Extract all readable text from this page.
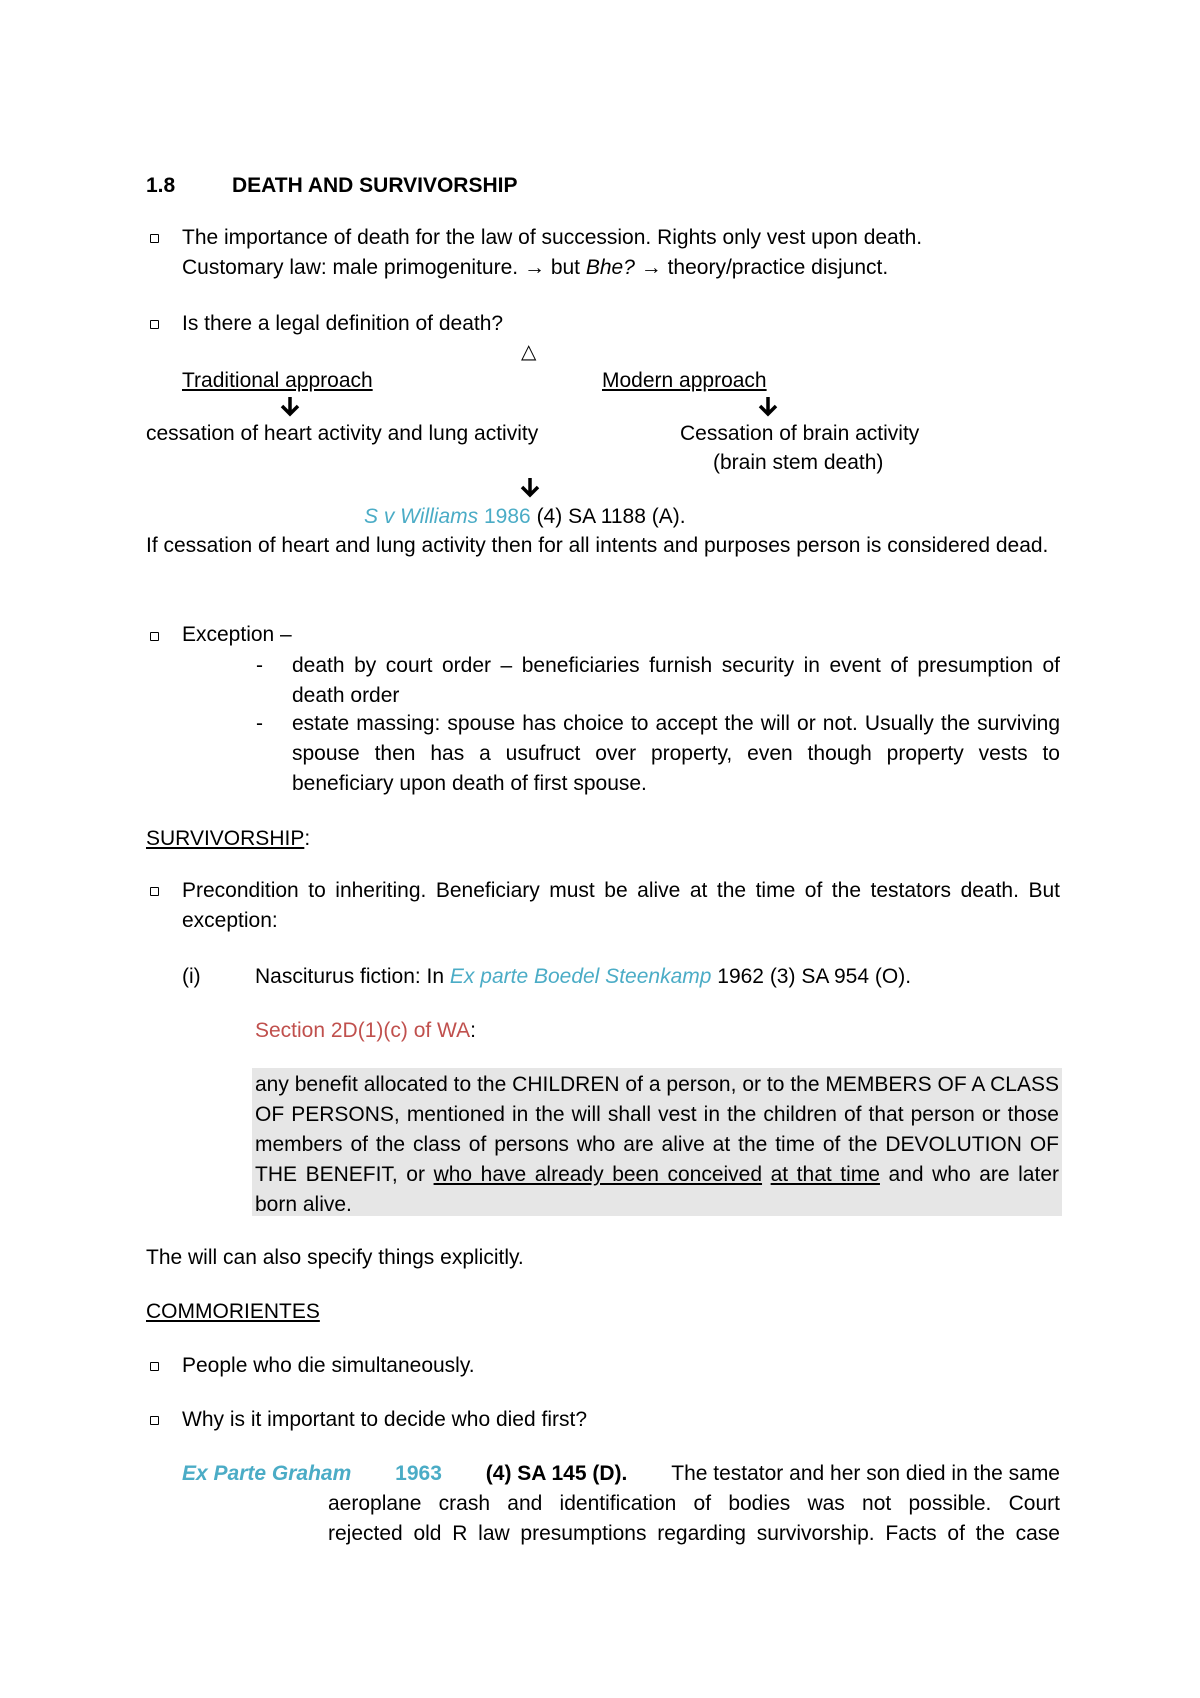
1.8	DEATH AND SURVIVORSHIP
The importance of death for the law of succession. Rights only vest upon death.
Customary law: male primogeniture. → but Bhe? → theory/practice disjunct.
Is there a legal definition of death?
△
Traditional approach	Modern approach
cessation of heart activity and lung activity	Cessation of brain activity
(brain stem death)
S v Williams 1986 (4) SA 1188 (A).
If cessation of heart and lung activity then for all intents and purposes person is considered dead.
Exception –
- death by court order – beneficiaries furnish security in event of presumption of death order
- estate massing: spouse has choice to accept the will or not. Usually the surviving spouse then has a usufruct over property, even though property vests to beneficiary upon death of first spouse.
SURVIVORSHIP:
Precondition to inheriting. Beneficiary must be alive at the time of the testators death. But exception:
(i)	Nasciturus fiction: In Ex parte Boedel Steenkamp 1962 (3) SA 954 (O).
Section 2D(1)(c) of WA:
any benefit allocated to the CHILDREN of a person, or to the MEMBERS OF A CLASS OF PERSONS, mentioned in the will shall vest in the children of that person or those members of the class of persons who are alive at the time of the DEVOLUTION OF THE BENEFIT, or who have already been conceived at that time and who are later born alive.
The will can also specify things explicitly.
COMMORIENTES
People who die simultaneously.
Why is it important to decide who died first?
Ex Parte Graham 1963 (4) SA 145 (D). The testator and her son died in the same
aeroplane crash and identification of bodies was not possible. Court
rejected old R law presumptions regarding survivorship. Facts of the case
